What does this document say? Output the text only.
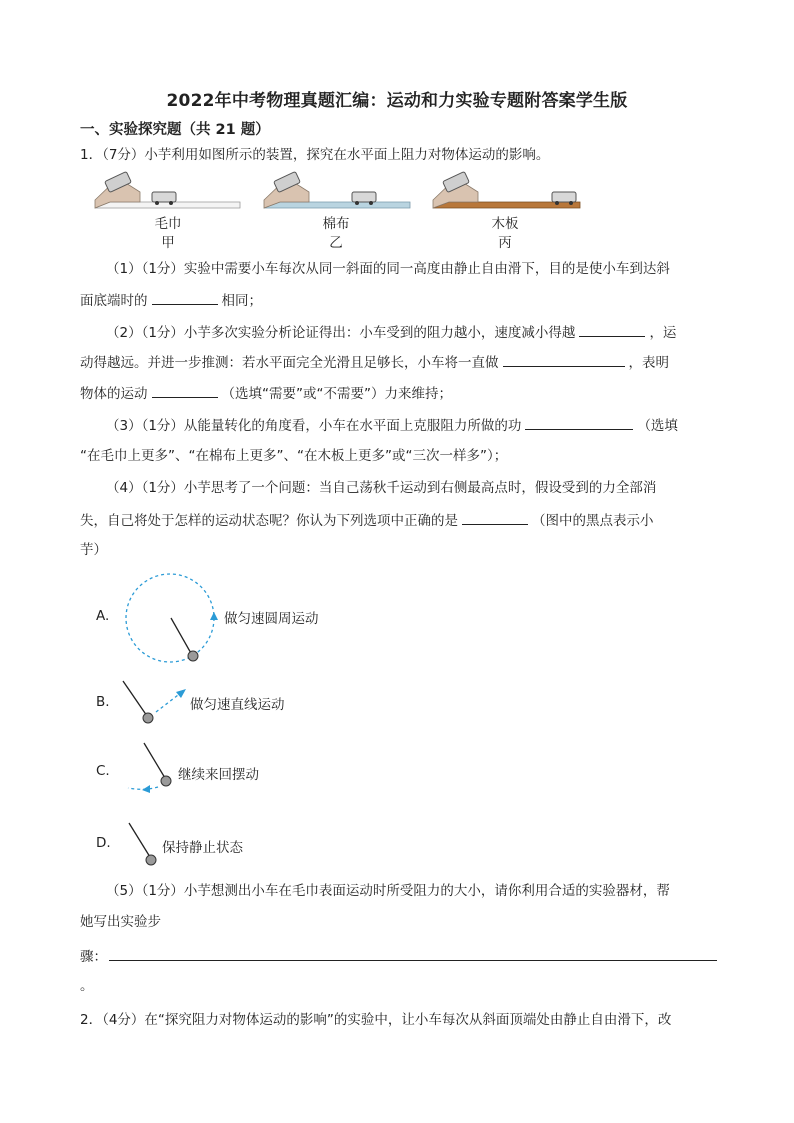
2022年中考物理真题汇编：运动和力实验专题附答案学生版
一、实验探究题（共 21 题）
1．（7分）小芋利用如图所示的装置，探究在水平面上阻力对物体运动的影响。
毛巾
甲
棉布
乙
木板
丙
（1）（1分）实验中需要小车每次从同一斜面的同一高度由静止自由滑下，目的是使小车到达斜
面底端时的	相同；
（2）（1分）小芋多次实验分析论证得出：小车受到的阻力越小，速度减小得越	，运
动得越远。并进一步推测：若水平面完全光滑且足够长，小车将一直做	，表明
物体的运动	（选填“需要”或“不需要”）力来维持；
（3）（1分）从能量转化的角度看，小车在水平面上克服阻力所做的功	（选填
“在毛巾上更多”、“在棉布上更多”、“在木板上更多”或“三次一样多”）；
（4）（1分）小芋思考了一个问题：当自己荡秋千运动到右侧最高点时，假设受到的力全部消
失，自己将处于怎样的运动状态呢？你认为下列选项中正确的是	（图中的黑点表示小
芋）
A.	做匀速圆周运动
B.	做匀速直线运动
C.	继续来回摆动
D.	保持静止状态
（5）（1分）小芋想测出小车在毛巾表面运动时所受阻力的大小，请你利用合适的实验器材，帮
她写出实验步
骤：
。
2．（4分）在“探究阻力对物体运动的影响”的实验中，让小车每次从斜面顶端处由静止自由滑下，改
